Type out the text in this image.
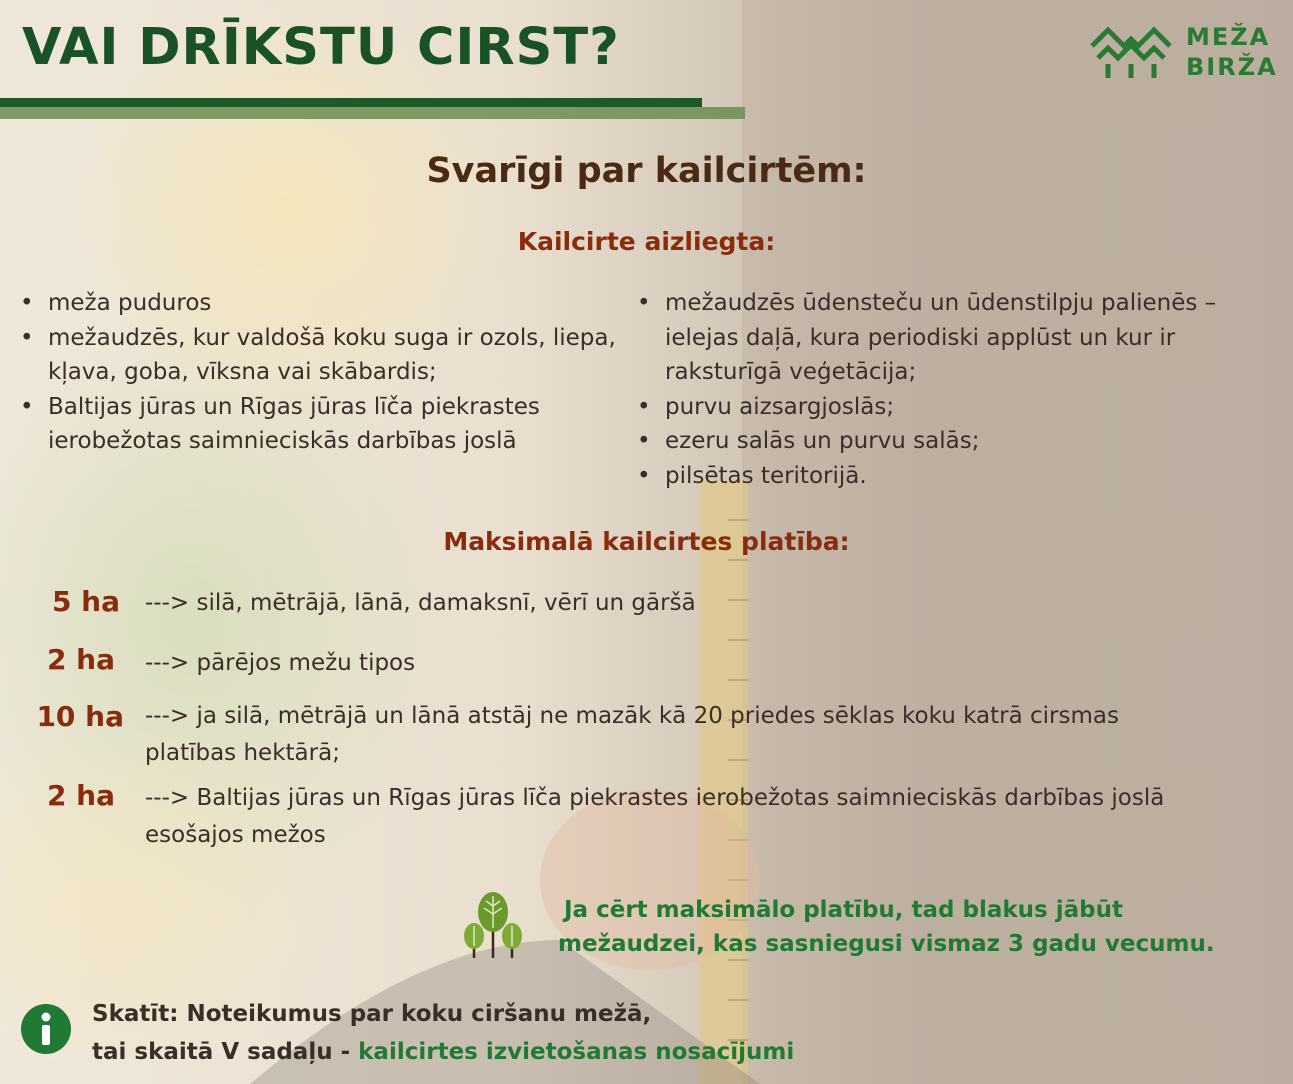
VAI DRĪKSTU CIRST?	MEŽA
BIRŽA
Svarīgi par kailcirtēm:
Kailcirte aizliegta:
• meža puduros
• mežaudzēs, kur valdošā koku suga ir ozols, liepa, kļava, goba, vīksna vai skābardis;
• Baltijas jūras un Rīgas jūras līča piekrastes ierobežotas saimnieciskās darbības joslā
• mežaudzēs ūdensteču un ūdenstilpju palienēs – ielejas daļā, kura periodiski applūst un kur ir raksturīgā veģetācija;
• purvu aizsargjoslās;
• ezeru salās un purvu salās;
• pilsētas teritorijā.
Maksimalā kailcirtes platība:
5 ha ---> silā, mētrājā, lānā, damaksnī, vērī un gāršā
2 ha ---> pārējos mežu tipos
10 ha ---> ja silā, mētrājā un lānā atstāj ne mazāk kā 20 priedes sēklas koku katrā cirsmas platības hektārā;
2 ha ---> Baltijas jūras un Rīgas jūras līča piekrastes ierobežotas saimnieciskās darbības joslā esošajos mežos

Ja cērt maksimālo platību, tad blakus jābūt
mežaudzei, kas sasniegusi vismaz 3 gadu vecumu.

Skatīt: Noteikumus par koku ciršanu mežā,
tai skaitā V sadaļu - kailcirtes izvietošanas nosacījumi
